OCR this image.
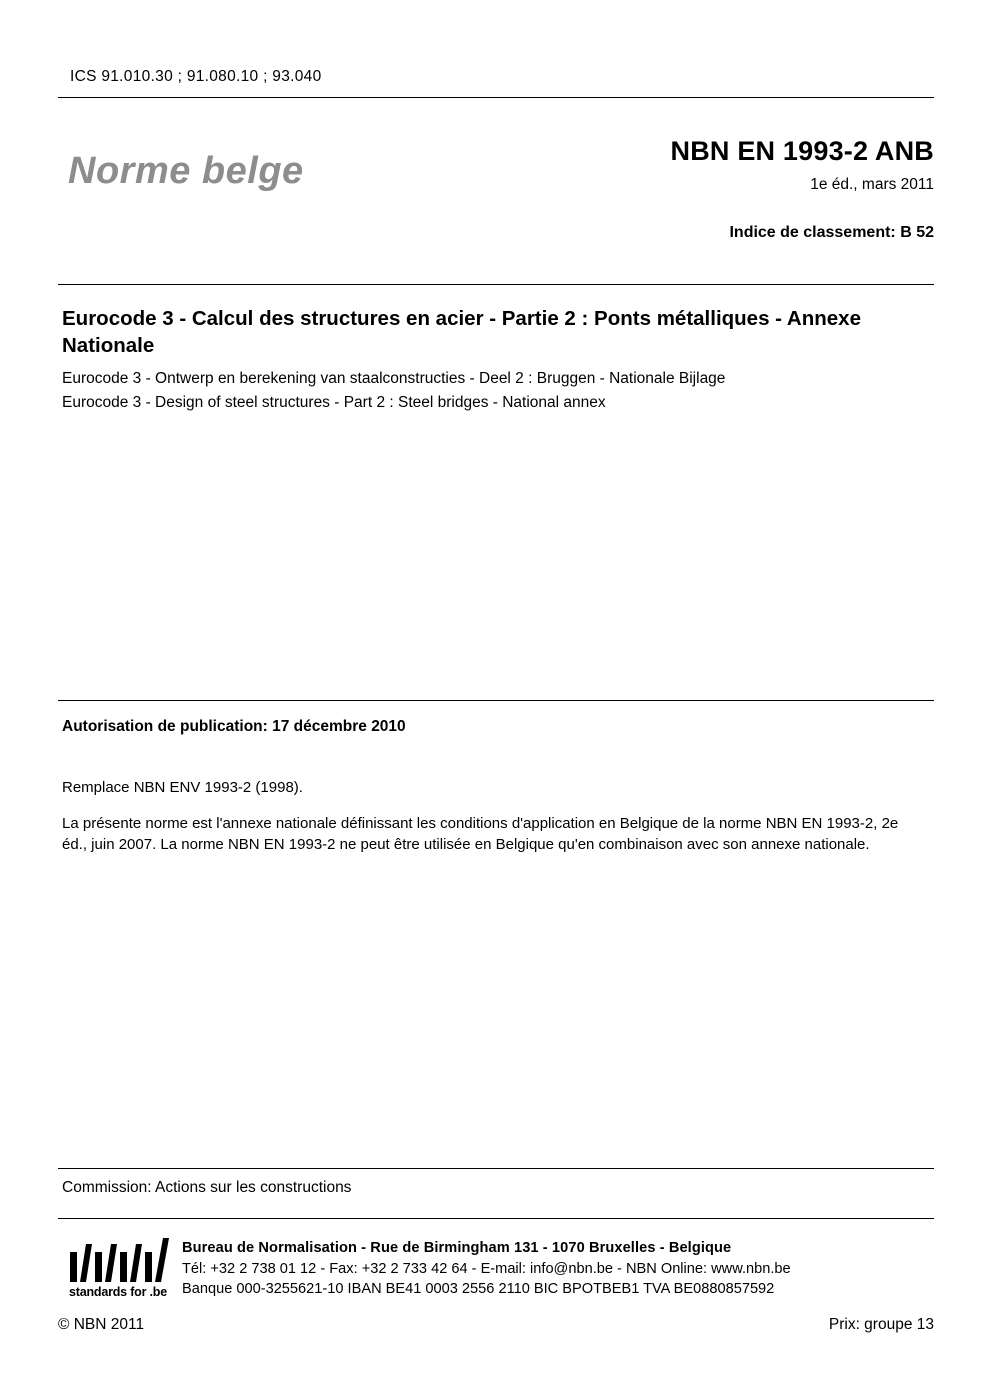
ICS 91.010.30 ; 91.080.10 ; 93.040
Norme belge	NBN EN 1993-2 ANB
1e éd., mars 2011
Indice de classement: B 52
Eurocode 3 - Calcul des structures en acier - Partie 2 : Ponts métalliques - Annexe Nationale
Eurocode 3 - Ontwerp en berekening van staalconstructies - Deel 2 : Bruggen - Nationale Bijlage
Eurocode 3 - Design of steel structures - Part 2 : Steel bridges - National annex
Autorisation de publication: 17 décembre 2010
Remplace NBN ENV 1993-2 (1998).
La présente norme est l'annexe nationale définissant les conditions d'application en Belgique de la norme NBN EN 1993-2, 2e éd., juin 2007. La norme NBN EN 1993-2 ne peut être utilisée en Belgique qu'en combinaison avec son annexe nationale.
Commission: Actions sur les constructions
standards for .be
Bureau de Normalisation - Rue de Birmingham 131 - 1070 Bruxelles - Belgique
Tél: +32 2 738 01 12 - Fax: +32 2 733 42 64 - E-mail: info@nbn.be - NBN Online: www.nbn.be
Banque 000-3255621-10 IBAN BE41 0003 2556 2110 BIC BPOTBEB1 TVA BE0880857592
© NBN 2011	Prix: groupe 13
